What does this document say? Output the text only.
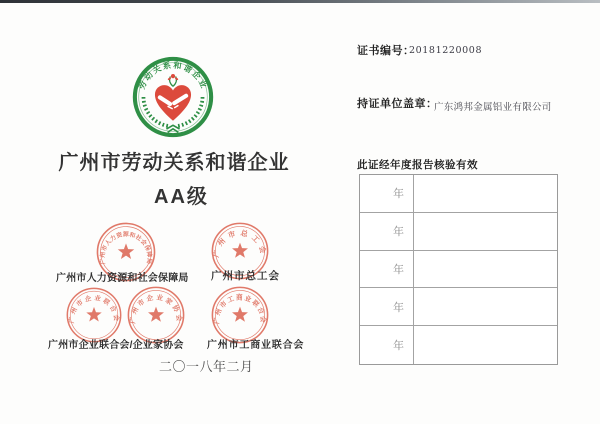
劳动关系和谐企业
广州市劳动关系和谐企业
AA级
广州市人力资源和社会保障局
广州市总工会
广州市企业联合会 广州市企业家协会	广州市工商业联合会
广州市人力资源和社会保障局 广州市总工会
广州市企业联合会/企业家协会 广州市工商业联合会
二〇一八年二月
证书编号：
20181220008
持证单位盖章：
广东鸿邦金属铝业有限公司
此证经年度报告核验有效
年
年
年
年
年
